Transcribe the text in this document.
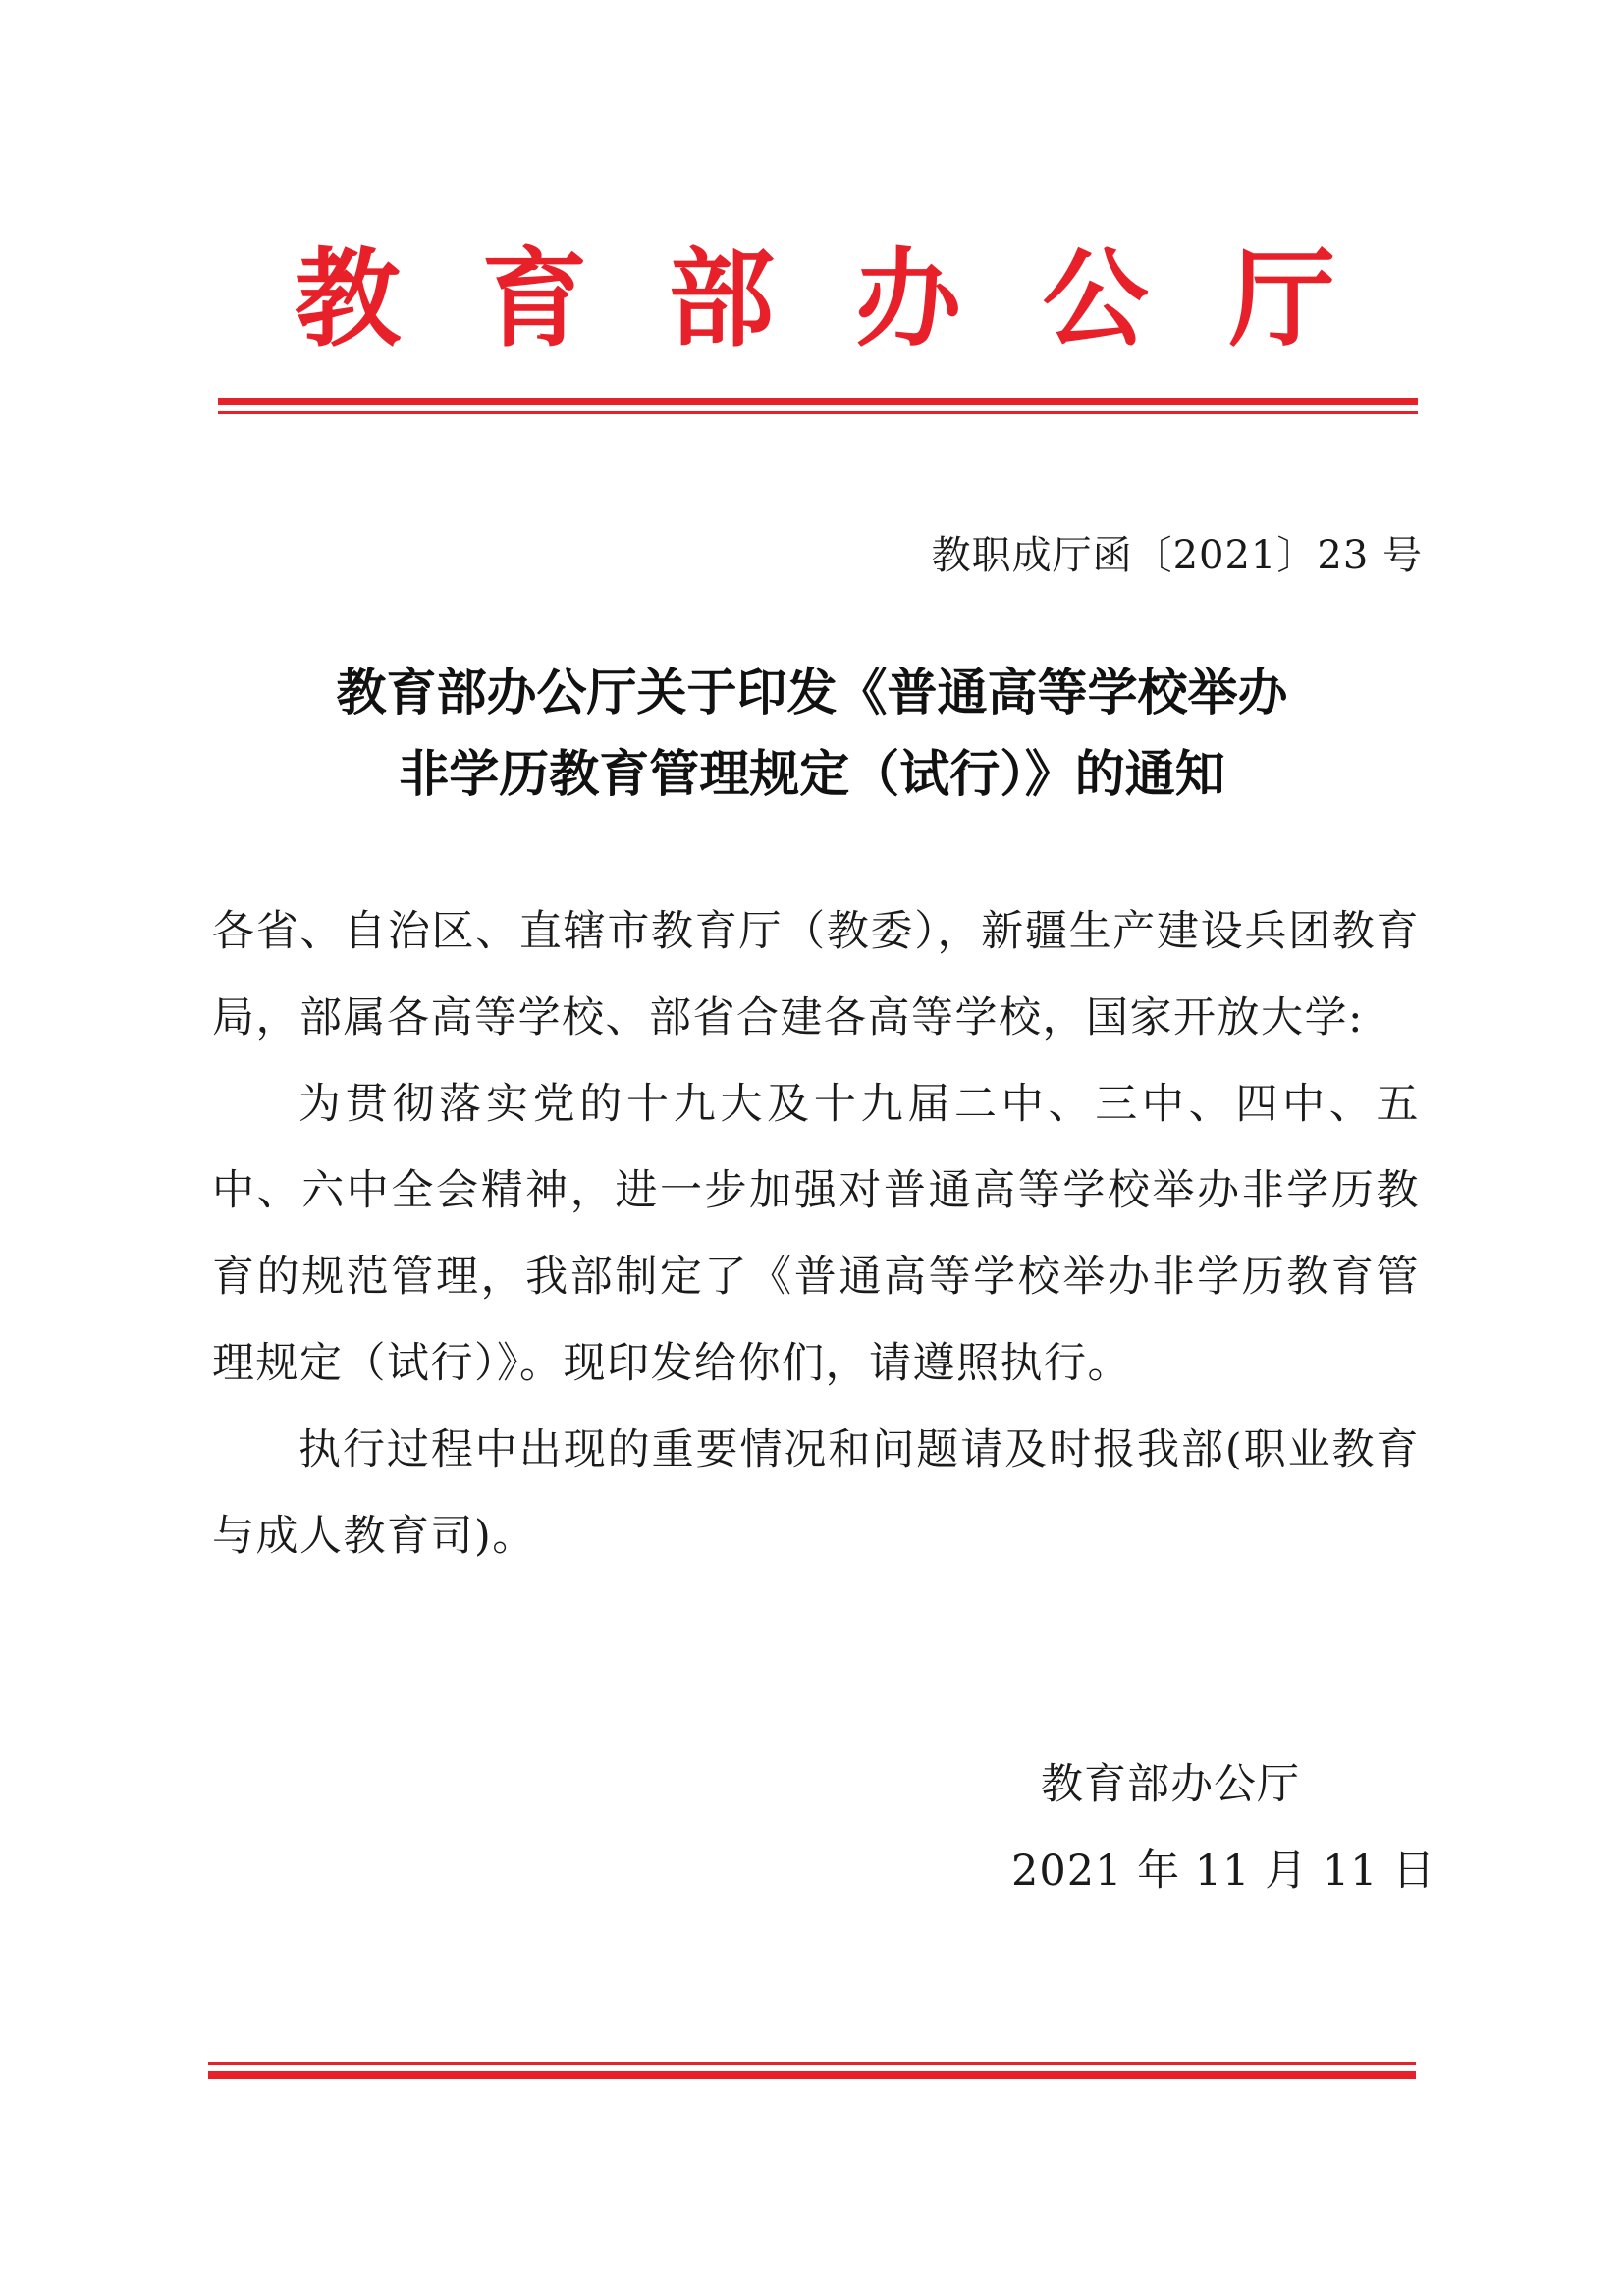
教 育 部 办 公 厅
教职成厅函〔2021〕23 号
教育部办公厅关于印发《普通高等学校举办
非学历教育管理规定（试行）》的通知

各省、自治区、直辖市教育厅（教委），新疆生产建设兵团教育局，部属各高等学校、部省合建各高等学校，国家开放大学:

为贯彻落实党的十九大及十九届二中、三中、四中、五中、六中全会精神，进一步加强对普通高等学校举办非学历教育的规范管理，我部制定了《普通高等学校举办非学历教育管理规定（试行）》。现印发给你们，请遵照执行。

执行过程中出现的重要情况和问题请及时报我部(职业教育与成人教育司)。

教育部办公厅
2021 年 11 月 11 日
